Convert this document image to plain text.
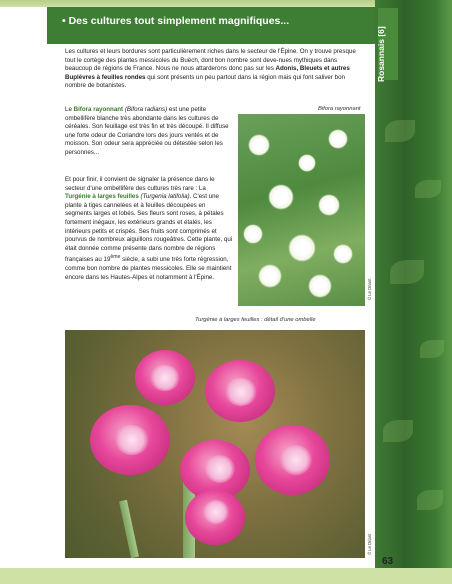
Rosannais [6]
• Des cultures tout simplement magnifiques...
Les cultures et leurs bordures sont particulièrement riches dans le secteur de l'Épine. On y trouve presque tout le cortège des plantes messicoles du Buëch, dont bon nombre sont deve-nues mythiques dans beaucoup de régions de France. Nous ne nous attarderons donc pas sur les Adonis, Bleuets et autres Buplèvres à feuilles rondes qui sont présents un peu partout dans la région mais qui font saliver bon nombre de botanistes.
Bifora rayonnant
© Le Driant
Le Bifora rayonnant (Bifora radians) est une petite ombellifère blanche très abondante dans les cultures de céréales. Son feuillage est très fin et très découpé. Il diffuse une forte odeur de Coriandre lors des jours ventés et de moisson. Son odeur sera appréciée ou détestée selon les personnes...
Et pour finir, il convient de signaler la présence dans le secteur d'une ombellifère des cultures très rare : La Turgénie à larges feuilles (Turgenia latifolia). C'est une plante à tiges cannelées et à feuilles découpées en segments larges et lobés. Ses fleurs sont roses, à pétales fortement inégaux, les extérieurs grands et étalés, les intérieurs petits et crispés. Ses fruits sont comprimés et pourvus de nombreux aiguillons rougeâtres. Cette plante, qui était donnée comme présente dans nombre de régions françaises au 19ème siècle, a subi une très forte régression, comme bon nombre de plantes messicoles. Elle se maintient encore dans les Hautes-Alpes et notamment à l'Épine.
Turgénie à larges feuilles : détail d'une ombelle
© Le Driant
63
